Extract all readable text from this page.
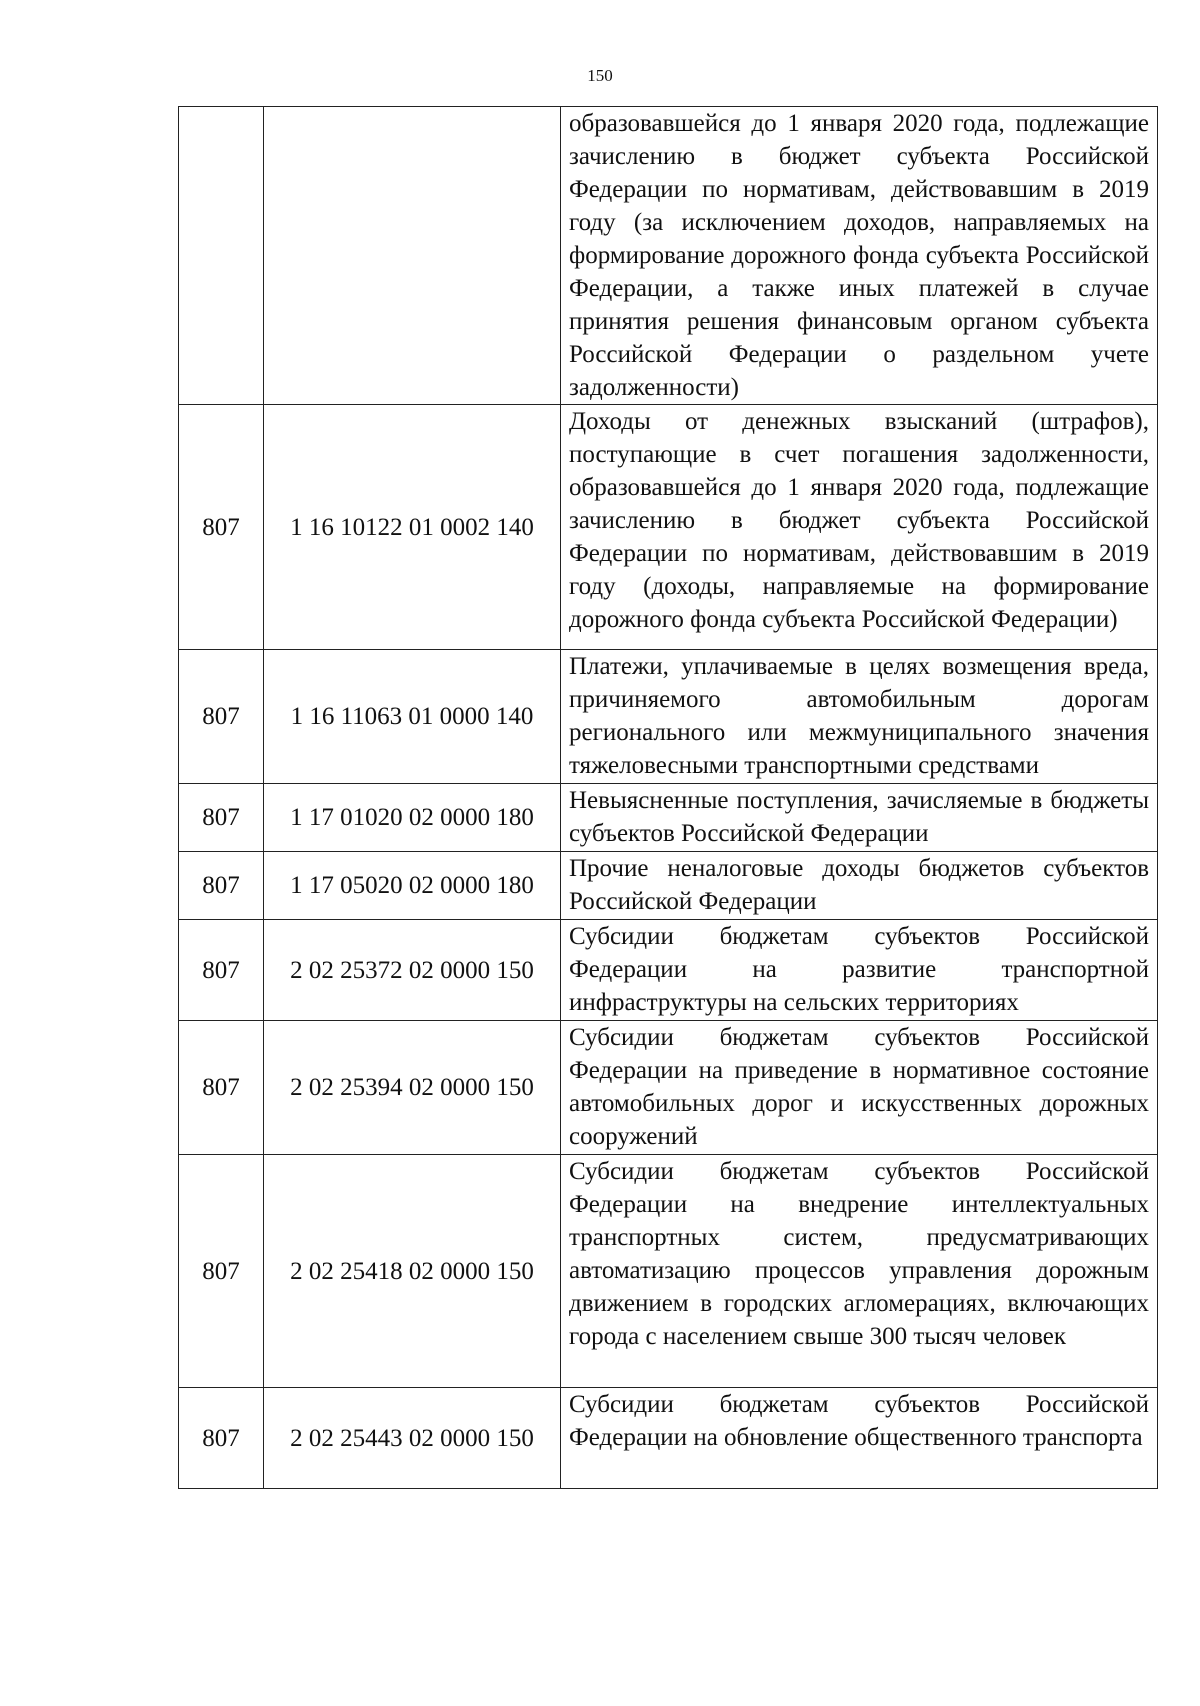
150
		образовавшейся до 1 января 2020 года, подлежащие зачислению в бюджет субъекта Российской Федерации по нормативам, действовавшим в 2019 году (за исключением доходов, направляемых на формирование дорожного фонда субъекта Российской Федерации, а также иных платежей в случае принятия решения финансовым органом субъекта Российской Федерации о раздельном учете задолженности)
807	1 16 10122 01 0002 140	Доходы от денежных взысканий (штрафов), поступающие в счет погашения задолженности, образовавшейся до 1 января 2020 года, подлежащие зачислению в бюджет субъекта Российской Федерации по нормативам, действовавшим в 2019 году (доходы, направляемые на формирование дорожного фонда субъекта Российской Федерации)
807	1 16 11063 01 0000 140	Платежи, уплачиваемые в целях возмещения вреда, причиняемого автомобильным дорогам регионального или межмуниципального значения тяжеловесными транспортными средствами
807	1 17 01020 02 0000 180	Невыясненные поступления, зачисляемые в бюджеты субъектов Российской Федерации
807	1 17 05020 02 0000 180	Прочие неналоговые доходы бюджетов субъектов Российской Федерации
807	2 02 25372 02 0000 150	Субсидии бюджетам субъектов Российской Федерации на развитие транспортной инфраструктуры на сельских территориях
807	2 02 25394 02 0000 150	Субсидии бюджетам субъектов Российской Федерации на приведение в нормативное состояние автомобильных дорог и искусственных дорожных сооружений
807	2 02 25418 02 0000 150	Субсидии бюджетам субъектов Российской Федерации на внедрение интеллектуальных транспортных систем, предусматривающих автоматизацию процессов управления дорожным движением в городских агломерациях, включающих города с населением свыше 300 тысяч человек
807	2 02 25443 02 0000 150	Субсидии бюджетам субъектов Российской Федерации на обновление общественного транспорта
